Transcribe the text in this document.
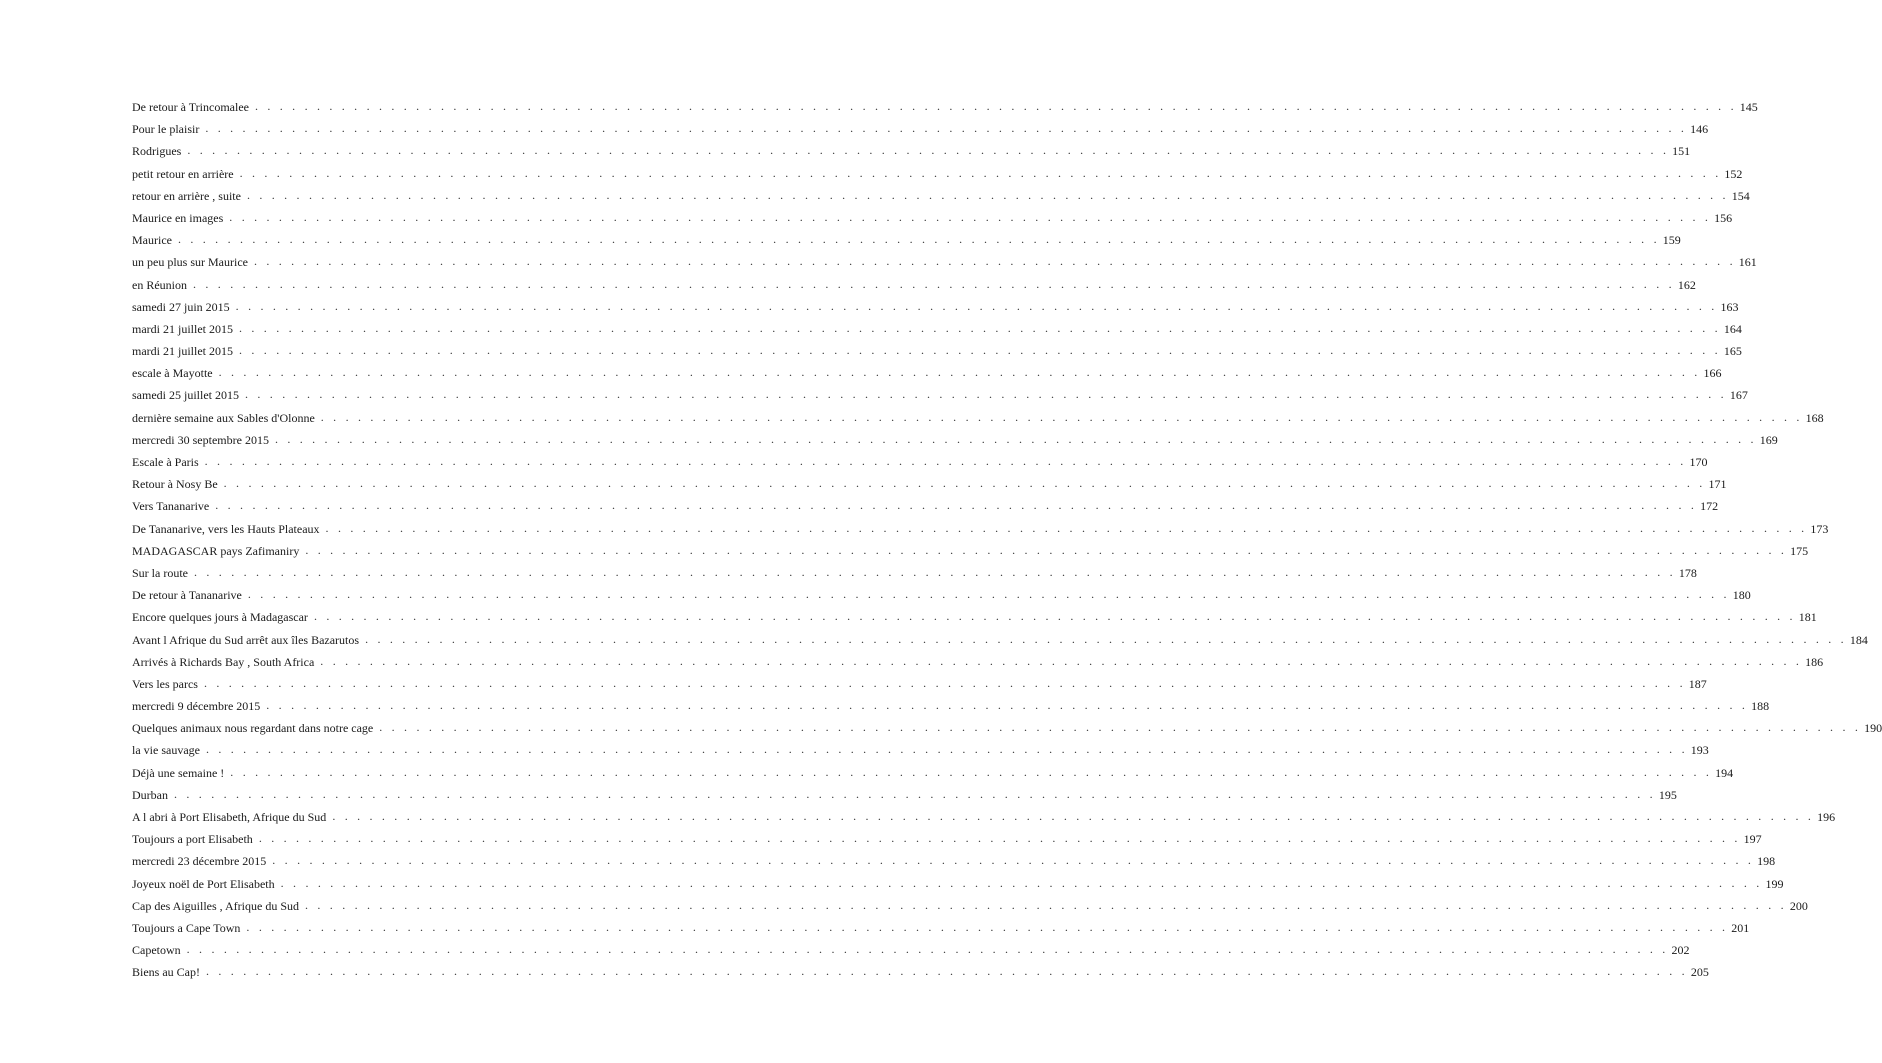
De retour à Trincomalee . . . . . . . . . . . . . . . . . . . . . . . . . . . . . . . . . . . . . . . . . . . . . . . . . . . . . . . . . . . . . . . . . . . . . . . . . . . . . . . . . . . . . . . . . . . . . . . . . . . . . . . . . . . . . . . . . . . . . . . . 145
Pour le plaisir . . . . . . . . . . . . . . . . . . . . . . . . . . . . . . . . . . . . . . . . . . . . . . . . . . . . . . . . . . . . . . . . . . . . . . . . . . . . . . . . . . . . . . . . . . . . . . . . . . . . . . . . . . . . . . . . . . . . . . . . 146
Rodrigues . . . . . . . . . . . . . . . . . . . . . . . . . . . . . . . . . . . . . . . . . . . . . . . . . . . . . . . . . . . . . . . . . . . . . . . . . . . . . . . . . . . . . . . . . . . . . . . . . . . . . . . . . . . . . . . . . . . . . . . . 151
petit retour en arrière . . . . . . . . . . . . . . . . . . . . . . . . . . . . . . . . . . . . . . . . . . . . . . . . . . . . . . . . . . . . . . . . . . . . . . . . . . . . . . . . . . . . . . . . . . . . . . . . . . . . . . . . . . . . . . . . . . . . . . . . 152
retour en arrière , suite . . . . . . . . . . . . . . . . . . . . . . . . . . . . . . . . . . . . . . . . . . . . . . . . . . . . . . . . . . . . . . . . . . . . . . . . . . . . . . . . . . . . . . . . . . . . . . . . . . . . . . . . . . . . . . . . . . . . . . . . 154
Maurice en images . . . . . . . . . . . . . . . . . . . . . . . . . . . . . . . . . . . . . . . . . . . . . . . . . . . . . . . . . . . . . . . . . . . . . . . . . . . . . . . . . . . . . . . . . . . . . . . . . . . . . . . . . . . . . . . . . . . . . . . . 156
Maurice . . . . . . . . . . . . . . . . . . . . . . . . . . . . . . . . . . . . . . . . . . . . . . . . . . . . . . . . . . . . . . . . . . . . . . . . . . . . . . . . . . . . . . . . . . . . . . . . . . . . . . . . . . . . . . . . . . . . . . . . 159
un peu plus sur Maurice . . . . . . . . . . . . . . . . . . . . . . . . . . . . . . . . . . . . . . . . . . . . . . . . . . . . . . . . . . . . . . . . . . . . . . . . . . . . . . . . . . . . . . . . . . . . . . . . . . . . . . . . . . . . . . . . . . . . . . . . 161
en Réunion . . . . . . . . . . . . . . . . . . . . . . . . . . . . . . . . . . . . . . . . . . . . . . . . . . . . . . . . . . . . . . . . . . . . . . . . . . . . . . . . . . . . . . . . . . . . . . . . . . . . . . . . . . . . . . . . . . . . . . . . 162
samedi 27 juin 2015 . . . . . . . . . . . . . . . . . . . . . . . . . . . . . . . . . . . . . . . . . . . . . . . . . . . . . . . . . . . . . . . . . . . . . . . . . . . . . . . . . . . . . . . . . . . . . . . . . . . . . . . . . . . . . . . . . . . . . . . . 163
mardi 21 juillet 2015 . . . . . . . . . . . . . . . . . . . . . . . . . . . . . . . . . . . . . . . . . . . . . . . . . . . . . . . . . . . . . . . . . . . . . . . . . . . . . . . . . . . . . . . . . . . . . . . . . . . . . . . . . . . . . . . . . . . . . . . . 164
mardi 21 juillet 2015 . . . . . . . . . . . . . . . . . . . . . . . . . . . . . . . . . . . . . . . . . . . . . . . . . . . . . . . . . . . . . . . . . . . . . . . . . . . . . . . . . . . . . . . . . . . . . . . . . . . . . . . . . . . . . . . . . . . . . . . . 165
escale à Mayotte . . . . . . . . . . . . . . . . . . . . . . . . . . . . . . . . . . . . . . . . . . . . . . . . . . . . . . . . . . . . . . . . . . . . . . . . . . . . . . . . . . . . . . . . . . . . . . . . . . . . . . . . . . . . . . . . . . . . . . . . 166
samedi 25 juillet 2015 . . . . . . . . . . . . . . . . . . . . . . . . . . . . . . . . . . . . . . . . . . . . . . . . . . . . . . . . . . . . . . . . . . . . . . . . . . . . . . . . . . . . . . . . . . . . . . . . . . . . . . . . . . . . . . . . . . . . . . . . 167
dernière semaine aux Sables d'Olonne . . . . . . . . . . . . . . . . . . . . . . . . . . . . . . . . . . . . . . . . . . . . . . . . . . . . . . . . . . . . . . . . . . . . . . . . . . . . . . . . . . . . . . . . . . . . . . . . . . . . . . . . . . . . . . . . . . . . . . . . 168
mercredi 30 septembre 2015 . . . . . . . . . . . . . . . . . . . . . . . . . . . . . . . . . . . . . . . . . . . . . . . . . . . . . . . . . . . . . . . . . . . . . . . . . . . . . . . . . . . . . . . . . . . . . . . . . . . . . . . . . . . . . . . . . . . . . . . . 169
Escale à Paris . . . . . . . . . . . . . . . . . . . . . . . . . . . . . . . . . . . . . . . . . . . . . . . . . . . . . . . . . . . . . . . . . . . . . . . . . . . . . . . . . . . . . . . . . . . . . . . . . . . . . . . . . . . . . . . . . . . . . . . . 170
Retour à Nosy Be . . . . . . . . . . . . . . . . . . . . . . . . . . . . . . . . . . . . . . . . . . . . . . . . . . . . . . . . . . . . . . . . . . . . . . . . . . . . . . . . . . . . . . . . . . . . . . . . . . . . . . . . . . . . . . . . . . . . . . . . 171
Vers Tananarive . . . . . . . . . . . . . . . . . . . . . . . . . . . . . . . . . . . . . . . . . . . . . . . . . . . . . . . . . . . . . . . . . . . . . . . . . . . . . . . . . . . . . . . . . . . . . . . . . . . . . . . . . . . . . . . . . . . . . . . . 172
De Tananarive, vers les Hauts Plateaux . . . . . . . . . . . . . . . . . . . . . . . . . . . . . . . . . . . . . . . . . . . . . . . . . . . . . . . . . . . . . . . . . . . . . . . . . . . . . . . . . . . . . . . . . . . . . . . . . . . . . . . . . . . . . . . . . . . . . . . . 173
MADAGASCAR pays Zafimaniry . . . . . . . . . . . . . . . . . . . . . . . . . . . . . . . . . . . . . . . . . . . . . . . . . . . . . . . . . . . . . . . . . . . . . . . . . . . . . . . . . . . . . . . . . . . . . . . . . . . . . . . . . . . . . . . . . . . . . . . . 175
Sur la route . . . . . . . . . . . . . . . . . . . . . . . . . . . . . . . . . . . . . . . . . . . . . . . . . . . . . . . . . . . . . . . . . . . . . . . . . . . . . . . . . . . . . . . . . . . . . . . . . . . . . . . . . . . . . . . . . . . . . . . . 178
De retour à Tananarive . . . . . . . . . . . . . . . . . . . . . . . . . . . . . . . . . . . . . . . . . . . . . . . . . . . . . . . . . . . . . . . . . . . . . . . . . . . . . . . . . . . . . . . . . . . . . . . . . . . . . . . . . . . . . . . . . . . . . . . . 180
Encore quelques jours à Madagascar . . . . . . . . . . . . . . . . . . . . . . . . . . . . . . . . . . . . . . . . . . . . . . . . . . . . . . . . . . . . . . . . . . . . . . . . . . . . . . . . . . . . . . . . . . . . . . . . . . . . . . . . . . . . . . . . . . . . . . . . 181
Avant l Afrique du Sud arrêt aux îles Bazarutos . . . . . . . . . . . . . . . . . . . . . . . . . . . . . . . . . . . . . . . . . . . . . . . . . . . . . . . . . . . . . . . . . . . . . . . . . . . . . . . . . . . . . . . . . . . . . . . . . . . . . . . . . . . . . . . . . . . . . . . . 184
Arrivés à Richards Bay , South Africa . . . . . . . . . . . . . . . . . . . . . . . . . . . . . . . . . . . . . . . . . . . . . . . . . . . . . . . . . . . . . . . . . . . . . . . . . . . . . . . . . . . . . . . . . . . . . . . . . . . . . . . . . . . . . . . . . . . . . . . . 186
Vers les parcs . . . . . . . . . . . . . . . . . . . . . . . . . . . . . . . . . . . . . . . . . . . . . . . . . . . . . . . . . . . . . . . . . . . . . . . . . . . . . . . . . . . . . . . . . . . . . . . . . . . . . . . . . . . . . . . . . . . . . . . . 187
mercredi 9 décembre 2015 . . . . . . . . . . . . . . . . . . . . . . . . . . . . . . . . . . . . . . . . . . . . . . . . . . . . . . . . . . . . . . . . . . . . . . . . . . . . . . . . . . . . . . . . . . . . . . . . . . . . . . . . . . . . . . . . . . . . . . . . 188
Quelques animaux nous regardant dans notre cage . . . . . . . . . . . . . . . . . . . . . . . . . . . . . . . . . . . . . . . . . . . . . . . . . . . . . . . . . . . . . . . . . . . . . . . . . . . . . . . . . . . . . . . . . . . . . . . . . . . . . . . . . . . . . . . . . . . . . . . . 190
la vie sauvage . . . . . . . . . . . . . . . . . . . . . . . . . . . . . . . . . . . . . . . . . . . . . . . . . . . . . . . . . . . . . . . . . . . . . . . . . . . . . . . . . . . . . . . . . . . . . . . . . . . . . . . . . . . . . . . . . . . . . . . . 193
Déjà une semaine ! . . . . . . . . . . . . . . . . . . . . . . . . . . . . . . . . . . . . . . . . . . . . . . . . . . . . . . . . . . . . . . . . . . . . . . . . . . . . . . . . . . . . . . . . . . . . . . . . . . . . . . . . . . . . . . . . . . . . . . . . 194
Durban . . . . . . . . . . . . . . . . . . . . . . . . . . . . . . . . . . . . . . . . . . . . . . . . . . . . . . . . . . . . . . . . . . . . . . . . . . . . . . . . . . . . . . . . . . . . . . . . . . . . . . . . . . . . . . . . . . . . . . . . 195
A l abri à Port Elisabeth, Afrique du Sud . . . . . . . . . . . . . . . . . . . . . . . . . . . . . . . . . . . . . . . . . . . . . . . . . . . . . . . . . . . . . . . . . . . . . . . . . . . . . . . . . . . . . . . . . . . . . . . . . . . . . . . . . . . . . . . . . . . . . . . . 196
Toujours a port Elisabeth . . . . . . . . . . . . . . . . . . . . . . . . . . . . . . . . . . . . . . . . . . . . . . . . . . . . . . . . . . . . . . . . . . . . . . . . . . . . . . . . . . . . . . . . . . . . . . . . . . . . . . . . . . . . . . . . . . . . . . . . 197
mercredi 23 décembre 2015 . . . . . . . . . . . . . . . . . . . . . . . . . . . . . . . . . . . . . . . . . . . . . . . . . . . . . . . . . . . . . . . . . . . . . . . . . . . . . . . . . . . . . . . . . . . . . . . . . . . . . . . . . . . . . . . . . . . . . . . . 198
Joyeux noël de Port Elisabeth . . . . . . . . . . . . . . . . . . . . . . . . . . . . . . . . . . . . . . . . . . . . . . . . . . . . . . . . . . . . . . . . . . . . . . . . . . . . . . . . . . . . . . . . . . . . . . . . . . . . . . . . . . . . . . . . . . . . . . . . 199
Cap des Aiguilles , Afrique du Sud . . . . . . . . . . . . . . . . . . . . . . . . . . . . . . . . . . . . . . . . . . . . . . . . . . . . . . . . . . . . . . . . . . . . . . . . . . . . . . . . . . . . . . . . . . . . . . . . . . . . . . . . . . . . . . . . . . . . . . . . 200
Toujours a Cape Town . . . . . . . . . . . . . . . . . . . . . . . . . . . . . . . . . . . . . . . . . . . . . . . . . . . . . . . . . . . . . . . . . . . . . . . . . . . . . . . . . . . . . . . . . . . . . . . . . . . . . . . . . . . . . . . . . . . . . . . . 201
Capetown . . . . . . . . . . . . . . . . . . . . . . . . . . . . . . . . . . . . . . . . . . . . . . . . . . . . . . . . . . . . . . . . . . . . . . . . . . . . . . . . . . . . . . . . . . . . . . . . . . . . . . . . . . . . . . . . . . . . . . . . 202
Biens au Cap! . . . . . . . . . . . . . . . . . . . . . . . . . . . . . . . . . . . . . . . . . . . . . . . . . . . . . . . . . . . . . . . . . . . . . . . . . . . . . . . . . . . . . . . . . . . . . . . . . . . . . . . . . . . . . . . . . . . . . . . . 205
